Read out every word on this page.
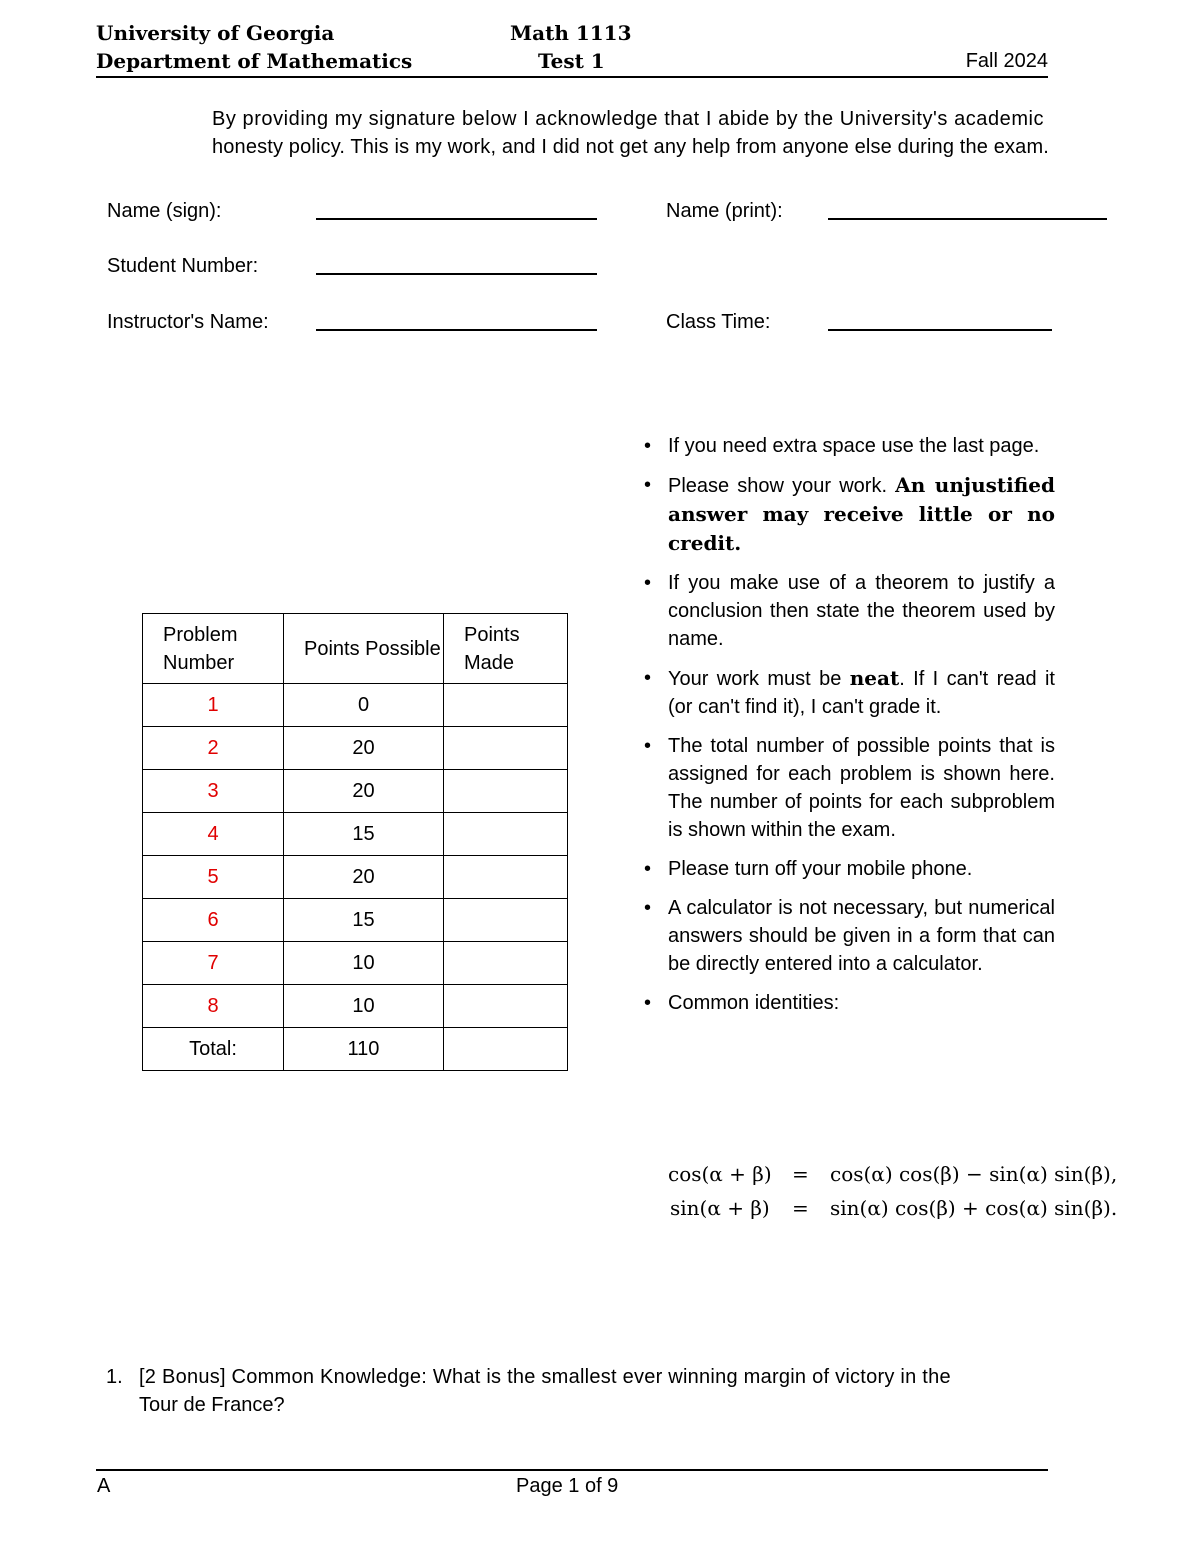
University of Georgia
Department of Mathematics
Math 1113
Test 1	Fall 2024
By providing my signature below I acknowledge that I abide by the University's academic
honesty policy. This is my work, and I did not get any help from anyone else during the exam.
Name (sign):	Name (print):
Student Number:
Instructor's Name:	Class Time:
Problem Number	Points Possible	Points Made
1	0	
2	20	
3	20	
4	15	
5	20	
6	15	
7	10	
8	10	
Total:	110	
• If you need extra space use the last page.
• Please show your work. An unjustified answer may receive little or no credit.
• If you make use of a theorem to justify a conclusion then state the theorem used by name.
• Your work must be neat. If I can't read it (or can't find it), I can't grade it.
• The total number of possible points that is assigned for each problem is shown here. The number of points for each subproblem is shown within the exam.
• Please turn off your mobile phone.
• A calculator is not necessary, but numerical answers should be given in a form that can be directly entered into a calculator.
• Common identities:
cos(α + β) = cos(α) cos(β) − sin(α) sin(β),
sin(α + β) = sin(α) cos(β) + cos(α) sin(β).
1. [2 Bonus] Common Knowledge: What is the smallest ever winning margin of victory in the
Tour de France?
A	Page 1 of 9
